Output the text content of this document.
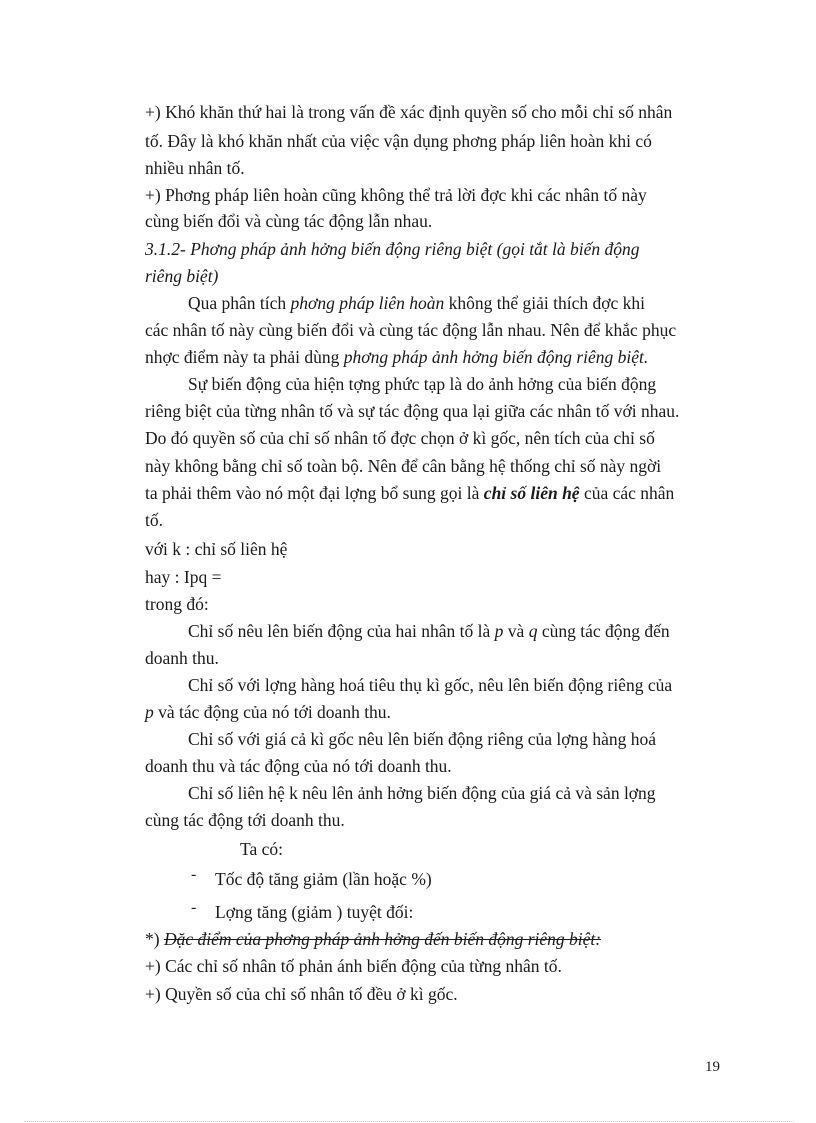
+) Khó khăn thứ hai là trong vấn đề xác định quyền số cho mỗi chỉ số nhân
tố. Đây là khó khăn nhất của việc vận dụng phơng pháp liên hoàn khi có
nhiều nhân tố.
+) Phơng pháp liên hoàn cũng không thể trả lời đợc khi các nhân tố này
cùng biến đổi và cùng tác động lẫn nhau.
3.1.2- Phơng pháp ảnh hởng biến động riêng biệt (gọi tắt là biến động
riêng biệt)
Qua phân tích phơng pháp liên hoàn không thể giải thích đợc khi
các nhân tố này cùng biến đổi và cùng tác động lẫn nhau. Nên để khắc phục
nhợc điểm này ta phải dùng phơng pháp ảnh hởng biến động riêng biệt.
Sự biến động của hiện tợng phức tạp là do ảnh hởng của biến động
riêng biệt của từng nhân tố và sự tác động qua lại giữa các nhân tố với nhau.
Do đó quyền số của chỉ số nhân tố đợc chọn ở kì gốc, nên tích của chỉ số
này không bằng chỉ số toàn bộ. Nên để cân bằng hệ thống chỉ số này ngời
ta phải thêm vào nó một đại lợng bổ sung gọi là chỉ số liên hệ của các nhân
tố.
với k : chỉ số liên hệ
hay : Ipq =
trong đó:
Chỉ số nêu lên biến động của hai nhân tố là p và q cùng tác động đến
doanh thu.
Chỉ số với lợng hàng hoá tiêu thụ kì gốc, nêu lên biến động riêng của
p và tác động của nó tới doanh thu.
Chỉ số với giá cả kì gốc nêu lên biến động riêng của lợng hàng hoá
doanh thu và tác động của nó tới doanh thu.
Chỉ số liên hệ k nêu lên ảnh hởng biến động của giá cả và sản lợng
cùng tác động tới doanh thu.
Ta có:
- Tốc độ tăng giảm (lần hoặc %)
- Lợng tăng (giảm ) tuyệt đối:
*) Đặc điểm của phơng pháp ảnh hởng đến biến động riêng biệt:
+) Các chỉ số nhân tố phản ánh biến động của từng nhân tố.
+) Quyền số của chỉ số nhân tố đều ở kì gốc.
19
